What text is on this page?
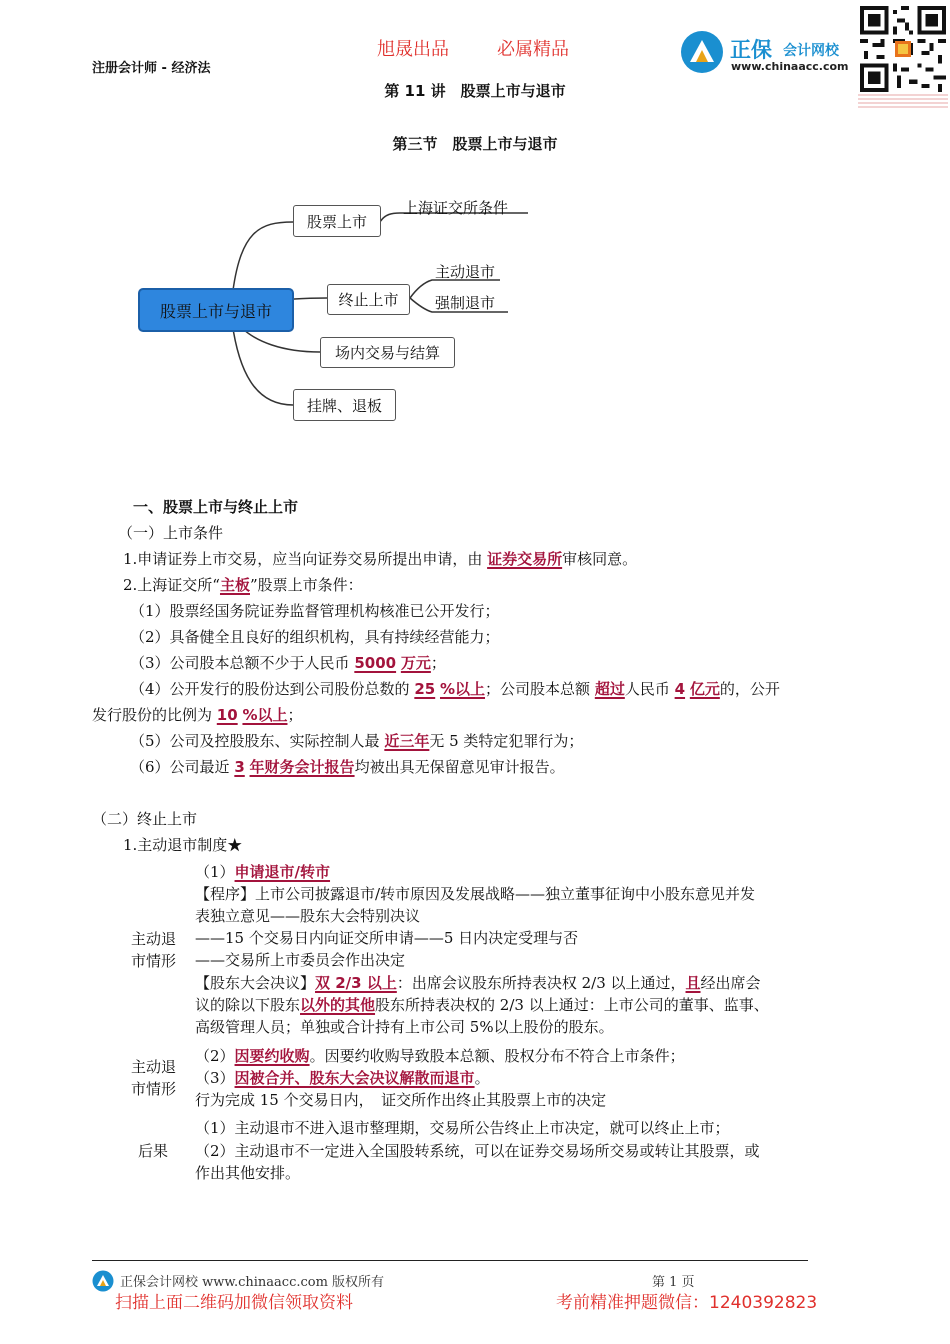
注册会计师 - 经济法
旭晟出品	必属精品
第 11 讲　股票上市与退市
正保 会计网校
www.chinaacc.com
第三节　股票上市与退市
股票上市与退市
股票上市
上海证交所条件
终止上市
主动退市
强制退市
场内交易与结算
挂牌、退板
一、股票上市与终止上市
（一）上市条件
1.申请证券上市交易，应当向证券交易所提出申请，由 证券交易所审核同意。
2.上海证交所“主板”股票上市条件：
（1）股票经国务院证券监督管理机构核准已公开发行；
（2）具备健全且良好的组织机构，具有持续经营能力；
（3）公司股本总额不少于人民币 5000 万元；
（4）公开发行的股份达到公司股份总数的 25 %以上；公司股本总额 超过人民币 4 亿元的，公开
发行股份的比例为 10 %以上；
（5）公司及控股股东、实际控制人最 近三年无 5 类特定犯罪行为；
（6）公司最近 3 年财务会计报告均被出具无保留意见审计报告。
（二）终止上市
1.主动退市制度★
主动退
市情形
（1）申请退市/转市
【程序】上市公司披露退市/转市原因及发展战略——独立董事征询中小股东意见并发
表独立意见——股东大会特别决议
——15 个交易日内向证交所申请——5 日内决定受理与否
——交易所上市委员会作出决定
【股东大会决议】双 2/3 以上：出席会议股东所持表决权 2/3 以上通过，且经出席会
议的除以下股东以外的其他股东所持表决权的 2/3 以上通过：上市公司的董事、监事、
高级管理人员；单独或合计持有上市公司 5%以上股份的股东。
主动退
市情形
（2）因要约收购。因要约收购导致股本总额、股权分布不符合上市条件；
（3）因被合并、股东大会决议解散而退市。
行为完成 15 个交易日内，　证交所作出终止其股票上市的决定
后果
（1）主动退市不进入退市整理期，交易所公告终止上市决定，就可以终止上市；
（2）主动退市不一定进入全国股转系统，可以在证券交易场所交易或转让其股票，或
作出其他安排。
正保会计网校 www.chinaacc.com 版权所有	第 1 页
扫描上面二维码加微信领取资料	考前精准押题微信：1240392823
